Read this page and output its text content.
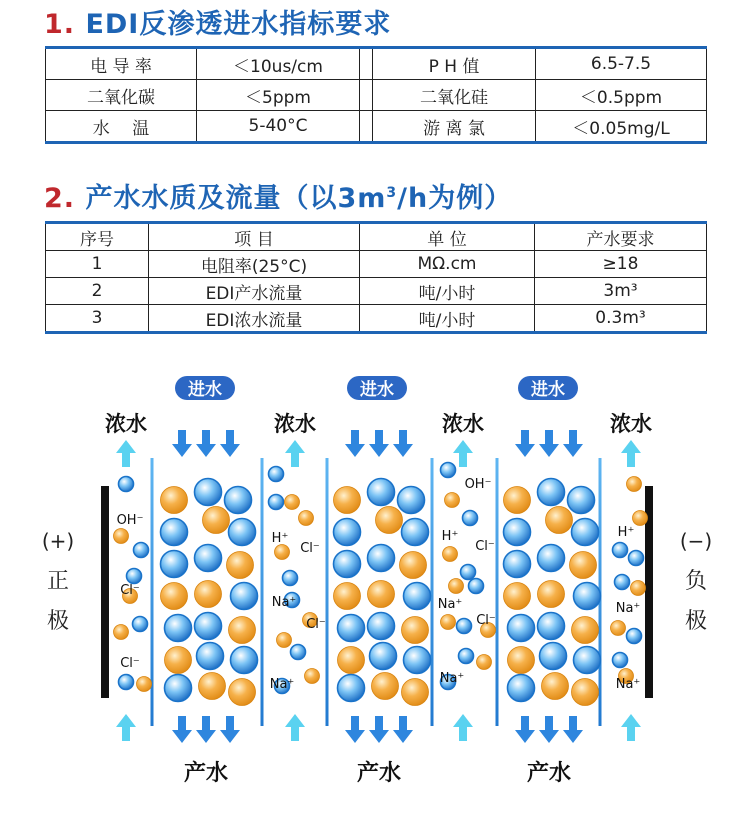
1. EDI反渗透进水指标要求
电 导 率	＜10us/cm		P H 值	6.5-7.5
二氧化碳	＜5ppm		二氧化硅	＜0.5ppm
水　 温	5-40°C		游 离 氯	＜0.05mg/L
2. 产水水质及流量（以$3m^3/h$为例）
序号	项 目	单 位	产水要求
1	电阻率(25°C)	MΩ.cm	≥18
2	EDI产水流量	吨/小时	3m³
3	EDI浓水流量	吨/小时	0.3m³
(+)
正
极
(−)
负
极
进水	进水	进水
浓水	浓水	浓水	浓水
产水	产水	产水
OH⁻
Cl⁻
Cl⁻
H⁺
Cl⁻
Na⁺
Cl⁻
Na⁺
OH⁻
H⁺
Cl⁻
Na⁺
Cl⁻
Na⁺
H⁺
Na⁺
Na⁺
